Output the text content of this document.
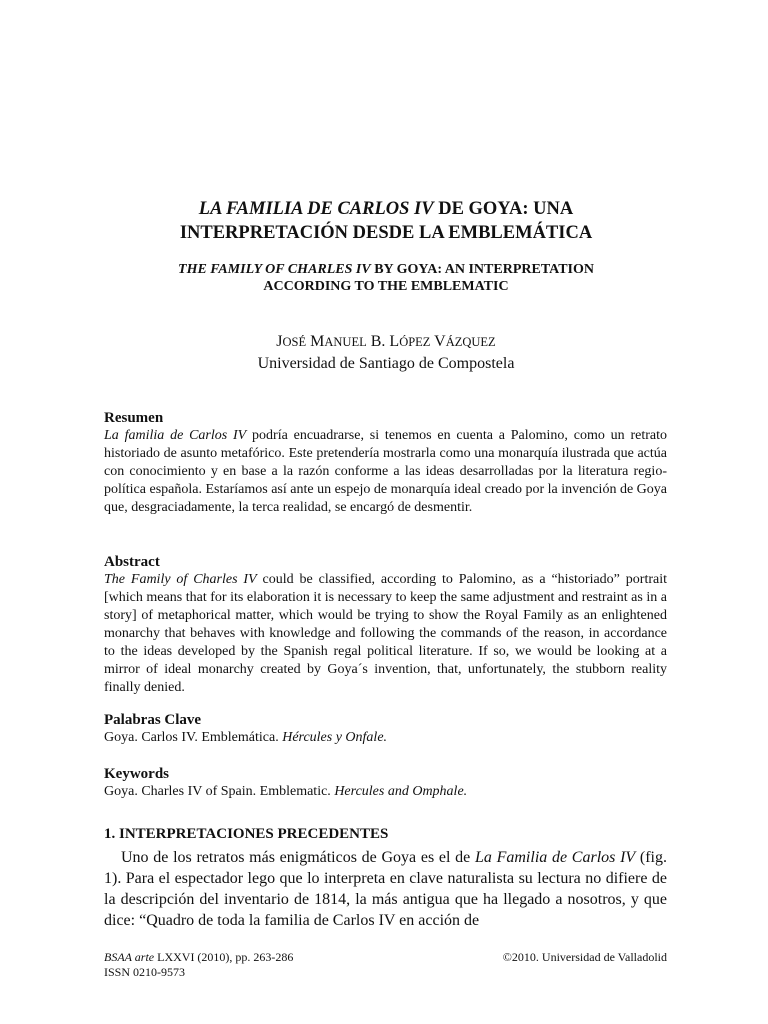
LA FAMILIA DE CARLOS IV DE GOYA: UNA
INTERPRETACIÓN DESDE LA EMBLEMÁTICA
THE FAMILY OF CHARLES IV BY GOYA: AN INTERPRETATION
ACCORDING TO THE EMBLEMATIC
JOSÉ MANUEL B. LÓPEZ VÁZQUEZ
Universidad de Santiago de Compostela

Resumen

La familia de Carlos IV podría encuadrarse, si tenemos en cuenta a Palomino, como un retrato historiado de asunto metafórico. Este pretendería mostrarla como una monarquía ilustrada que actúa con conocimiento y en base a la razón conforme a las ideas desarrolladas por la literatura regio-política española. Estaríamos así ante un espejo de monarquía ideal creado por la invención de Goya que, desgraciadamente, la terca realidad, se encargó de desmentir.

Abstract

The Family of Charles IV could be classified, according to Palomino, as a “historiado” portrait [which means that for its elaboration it is necessary to keep the same adjustment and restraint as in a story] of metaphorical matter, which would be trying to show the Royal Family as an enlightened monarchy that behaves with knowledge and following the commands of the reason, in accordance to the ideas developed by the Spanish regal political literature. If so, we would be looking at a mirror of ideal monarchy created by Goya´s invention, that, unfortunately, the stubborn reality finally denied.

Palabras Clave

Goya. Carlos IV. Emblemática. Hércules y Onfale.

Keywords

Goya. Charles IV of Spain. Emblematic. Hercules and Omphale.

1. INTERPRETACIONES PRECEDENTES

Uno de los retratos más enigmáticos de Goya es el de La Familia de Carlos IV (fig. 1). Para el espectador lego que lo interpreta en clave naturalista su lectura no difiere de la descripción del inventario de 1814, la más antigua que ha llegado a nosotros, y que dice: “Quadro de toda la familia de Carlos IV en acción de

BSAA arte LXXVI (2010), pp. 263-286
ISSN 0210-9573
©2010. Universidad de Valladolid
